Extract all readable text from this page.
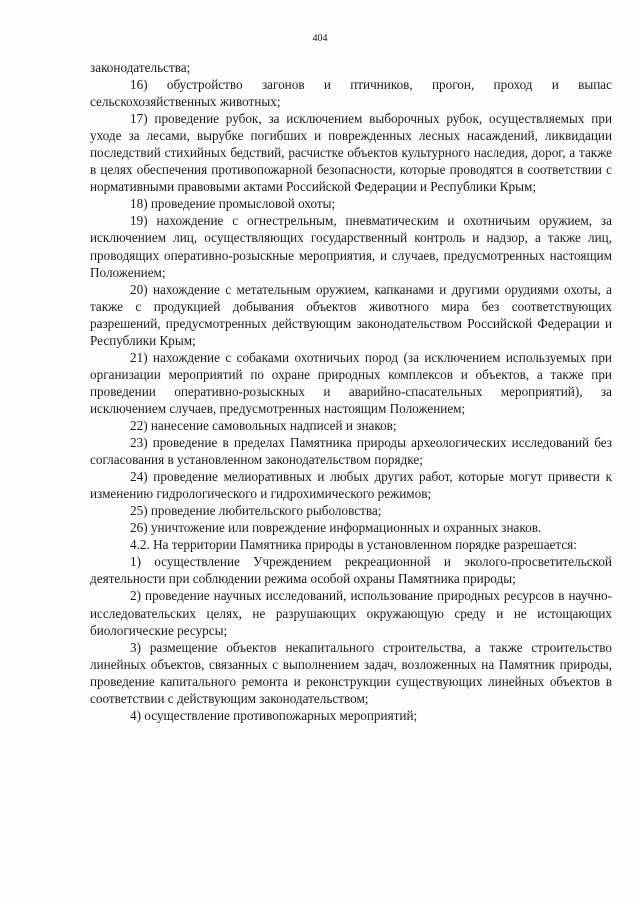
404

законодательства;

16) обустройство загонов и птичников, прогон, проход и выпас сельскохозяйственных животных;

17) проведение рубок, за исключением выборочных рубок, осуществляемых при уходе за лесами, вырубке погибших и поврежденных лесных насаждений, ликвидации последствий стихийных бедствий, расчистке объектов культурного наследия, дорог, а также в целях обеспечения противопожарной безопасности, которые проводятся в соответствии с нормативными правовыми актами Российской Федерации и Республики Крым;

18) проведение промысловой охоты;

19) нахождение с огнестрельным, пневматическим и охотничьим оружием, за исключением лиц, осуществляющих государственный контроль и надзор, а также лиц, проводящих оперативно-розыскные мероприятия, и случаев, предусмотренных настоящим Положением;

20) нахождение с метательным оружием, капканами и другими орудиями охоты, а также с продукцией добывания объектов животного мира без соответствующих разрешений, предусмотренных действующим законодательством Российской Федерации и Республики Крым;

21) нахождение с собаками охотничьих пород (за исключением используемых при организации мероприятий по охране природных комплексов и объектов, а также при проведении оперативно-розыскных и аварийно-спасательных мероприятий), за исключением случаев, предусмотренных настоящим Положением;

22) нанесение самовольных надписей и знаков;

23) проведение в пределах Памятника природы археологических исследований без согласования в установленном законодательством порядке;

24) проведение мелиоративных и любых других работ, которые могут привести к изменению гидрологического и гидрохимического режимов;

25) проведение любительского рыболовства;

26) уничтожение или повреждение информационных и охранных знаков.

4.2. На территории Памятника природы в установленном порядке разрешается:

1) осуществление Учреждением рекреационной и эколого-просветительской деятельности при соблюдении режима особой охраны Памятника природы;

2) проведение научных исследований, использование природных ресурсов в научно-исследовательских целях, не разрушающих окружающую среду и не истощающих биологические ресурсы;

3) размещение объектов некапитального строительства, а также строительство линейных объектов, связанных с выполнением задач, возложенных на Памятник природы, проведение капитального ремонта и реконструкции существующих линейных объектов в соответствии с действующим законодательством;

4) осуществление противопожарных мероприятий;
